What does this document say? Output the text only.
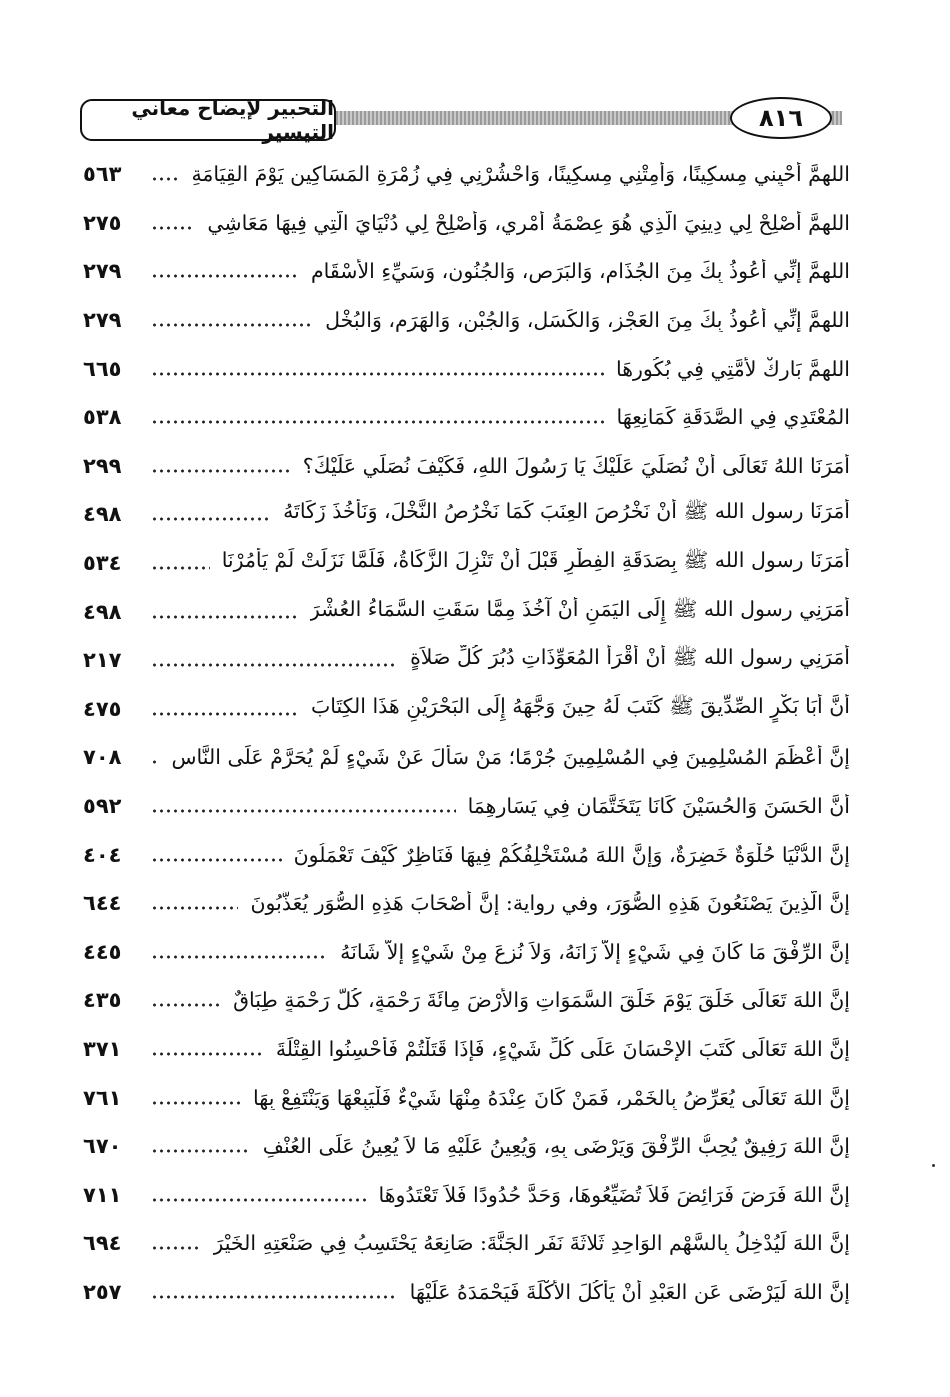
التحبير لإيضاح معاني التيسير	٨١٦
اللهمَّ أَحْيِني مِسكِينًا، وَأَمِتْنِي مِسكِينًا، وَاحْشُرْنِي فِي زُمْرَةِ المَسَاكِينِ يَوْمَ القِيَامَةِ
٥٦٣
اللهمَّ أَصْلِحْ لِي دِينِيَ الَّذِي هُوَ عِصْمَةُ أَمْرِي، وَأَصْلِحْ لِي دُنْيَايَ الَّتِي فِيهَا مَعَاشِي
٢٧٥
اللهمَّ إِنِّي أَعُوذُ بِكَ مِنَ الجُذَامِ، وَالبَرَصِ، وَالجُنُونِ، وَسَيِّءِ الأَسْقَامِ
٢٧٩
اللهمَّ إِنِّي أَعُوذُ بِكَ مِنَ العَجْزِ، وَالكَسَلِ، وَالجُبْنِ، وَالهَرَمِ، وَالبُخْلِ
٢٧٩
اللهمَّ بَارِكْ لأُمَّتِي فِي بُكُورِهَا
٦٦٥
المُعْتَدِي فِي الصَّدَقَةِ كَمَانِعِهَا
٥٣٨
أَمَرَنَا اللهُ تَعَالَى أَنْ نُصَلِّيَ عَلَيْكَ يَا رَسُولَ اللهِ، فَكَيْفَ نُصَلِّي عَلَيْكَ؟
٢٩٩
أَمَرَنَا رسول الله ﷺ أَنْ نَخْرُصَ العِنَبَ كَمَا نَخْرُصُ النَّخْلَ، وَنَأْخُذَ زَكَاتَهُ
٤٩٨
أَمَرَنَا رسول الله ﷺ بِصَدَقَةِ الفِطْرِ قَبْلَ أَنْ تَنْزِلَ الزَّكَاةُ، فَلَمَّا نَزَلَتْ لَمْ يَأْمُرْنَا
٥٣٤
أَمَرَنِي رسول الله ﷺ إِلَى اليَمَنِ أَنْ آخُذَ مِمَّا سَقَتِ السَّمَاءُ العُشْرَ
٤٩٨
أَمَرَنِي رسول الله ﷺ أَنْ أَقْرَأَ المُعَوِّذَاتِ دُبُرَ كُلِّ صَلاَةٍ
٢١٧
أَنَّ أَبَا بَكْرٍ الصِّدِّيقَ ﷺ كَتَبَ لَهُ حِينَ وَجَّهَهُ إِلَى البَحْرَيْنِ هَذَا الكِتَابَ
٤٧٥
إِنَّ أَعْظَمَ المُسْلِمِينَ فِي المُسْلِمِينَ جُرْمًا؛ مَنْ سَأَلَ عَنْ شَيْءٍ لَمْ يُحَرَّمْ عَلَى النَّاسِ
٧٠٨
أَنَّ الحَسَنَ وَالحُسَيْنَ كَانَا يَتَخَتَّمَانِ فِي يَسَارِهِمَا
٥٩٢
إِنَّ الدُّنْيَا حُلْوَةٌ خَضِرَةٌ، وَإِنَّ اللهَ مُسْتَخْلِفُكُمْ فِيهَا فَنَاظِرٌ كَيْفَ تَعْمَلُونَ
٤٠٤
إِنَّ الَّذِينَ يَصْنَعُونَ هَذِهِ الصُّوَرَ، وفي رواية: إِنَّ أَصْحَابَ هَذِهِ الصُّوَرِ يُعَذَّبُونَ
٦٤٤
إِنَّ الرِّفْقَ مَا كَانَ فِي شَيْءٍ إِلاَّ زَانَهُ، وَلاَ نُزِعَ مِنْ شَيْءٍ إِلاَّ شَانَهُ
٤٤٥
إِنَّ اللهَ تَعَالَى خَلَقَ يَوْمَ خَلَقَ السَّمَوَاتِ وَالأَرْضَ مِائَةَ رَحْمَةٍ، كُلُّ رَحْمَةٍ طِبَاقٌ
٤٣٥
إِنَّ اللهَ تَعَالَى كَتَبَ الإِحْسَانَ عَلَى كُلِّ شَيْءٍ، فَإِذَا قَتَلْتُمْ فَأَحْسِنُوا القِتْلَةَ
٣٧١
إِنَّ اللهَ تَعَالَى يُعَرِّضُ بِالخَمْرِ، فَمَنْ كَانَ عِنْدَهُ مِنْهَا شَيْءٌ فَلْيَبِعْهَا وَيَنْتَفِعْ بِهَا
٧٦١
إِنَّ اللهَ رَفِيقٌ يُحِبُّ الرِّفْقَ وَيَرْضَى بِهِ، وَيُعِينُ عَلَيْهِ مَا لاَ يُعِينُ عَلَى العُنْفِ
٦٧٠
إِنَّ اللهَ فَرَضَ فَرَائِضَ فَلاَ تُضَيِّعُوهَا، وَحَدَّ حُدُودًا فَلاَ تَعْتَدُوهَا
٧١١
إِنَّ اللهَ لَيُدْخِلُ بِالسَّهْمِ الوَاحِدِ ثَلاثَةَ نَفَرٍ الجَنَّةَ: صَانِعَهُ يَحْتَسِبُ فِي صَنْعَتِهِ الخَيْرَ
٦٩٤
إِنَّ اللهَ لَيَرْضَى عَنِ العَبْدِ أَنْ يَأْكُلَ الأَكْلَةَ فَيَحْمَدَهُ عَلَيْهَا
٢٥٧
